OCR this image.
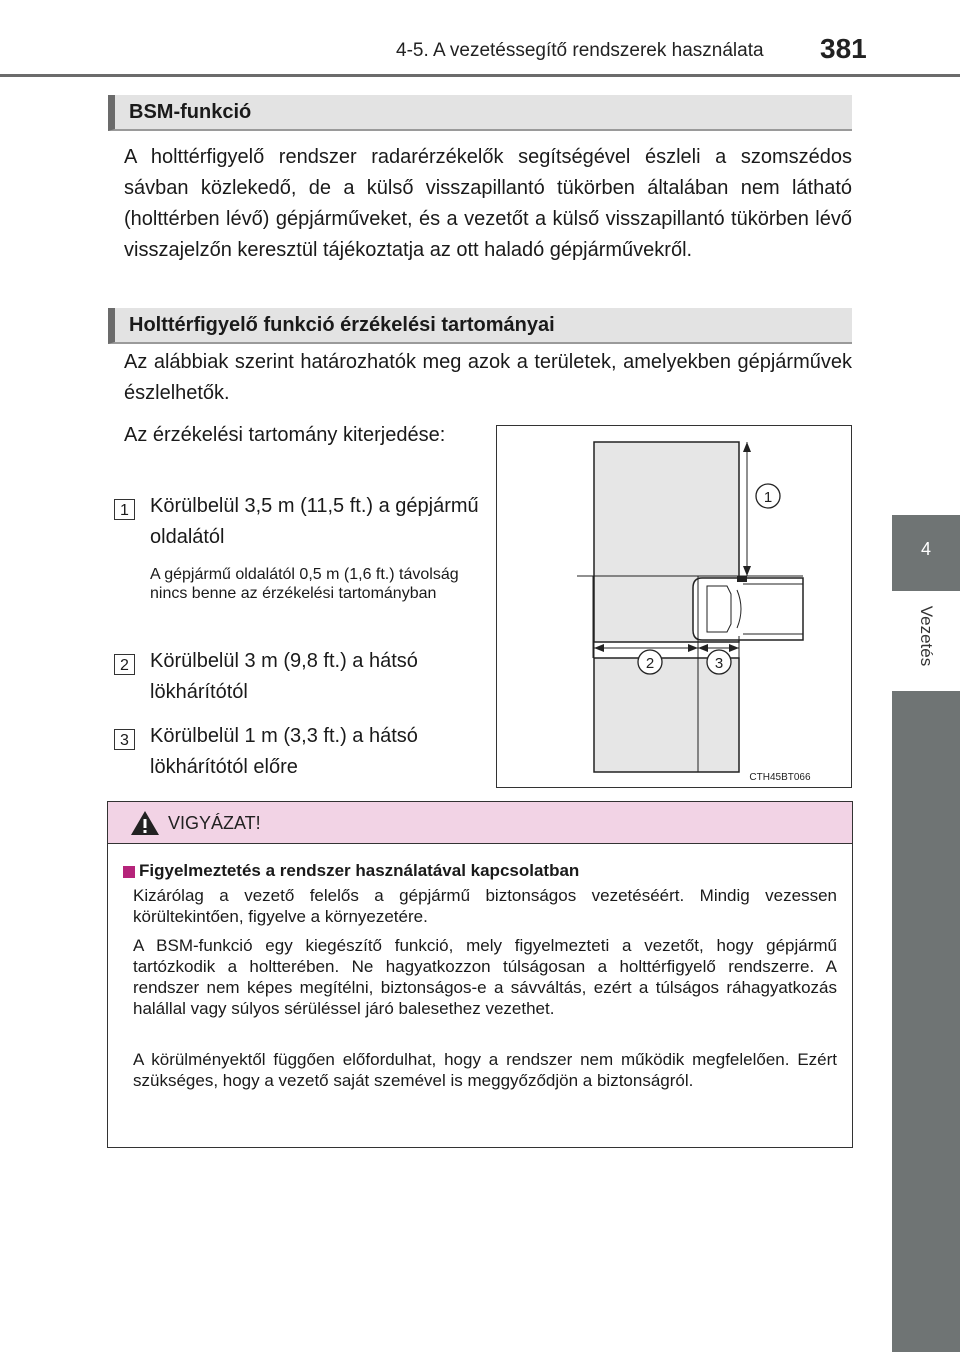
4-5. A vezetéssegítő rendszerek használata 381
4
Vezetés
BSM-funkció
A holttérfigyelő rendszer radarérzékelők segítségével észleli a szomszédos sávban közlekedő, de a külső visszapillantó tükörben általában nem látható (holttérben lévő) gépjárműveket, és a vezetőt a külső visszapillantó tükörben lévő visszajelzőn keresztül tájékoztatja az ott haladó gépjárművekről.
Holttérfigyelő funkció érzékelési tartományai
Az alábbiak szerint határozhatók meg azok a területek, amelyekben gépjárművek észlelhetők.
Az érzékelési tartomány kiterjedése:
1	Körülbelül 3,5 m (11,5 ft.) a gépjármű oldalától
A gépjármű oldalától 0,5 m (1,6 ft.) távolság nincs benne az érzékelési tartományban
2	Körülbelül 3 m (9,8 ft.) a hátsó lökhárítótól
3	Körülbelül 1 m (3,3 ft.) a hátsó lökhárítótól előre
1
2	3
CTH45BT066
VIGYÁZAT!
Figyelmeztetés a rendszer használatával kapcsolatban
Kizárólag a vezető felelős a gépjármű biztonságos vezetéséért. Mindig vezessen körültekintően, figyelve a környezetére.
A BSM-funkció egy kiegészítő funkció, mely figyelmezteti a vezetőt, hogy gépjármű tartózkodik a holtterében. Ne hagyatkozzon túlságosan a holttérfigyelő rendszerre. A rendszer nem képes megítélni, biztonságos-e a sávváltás, ezért a túlságos ráhagyatkozás halállal vagy súlyos sérüléssel járó balesethez vezethet.
A körülményektől függően előfordulhat, hogy a rendszer nem működik megfelelően. Ezért szükséges, hogy a vezető saját szemével is meggyőződjön a biztonságról.
